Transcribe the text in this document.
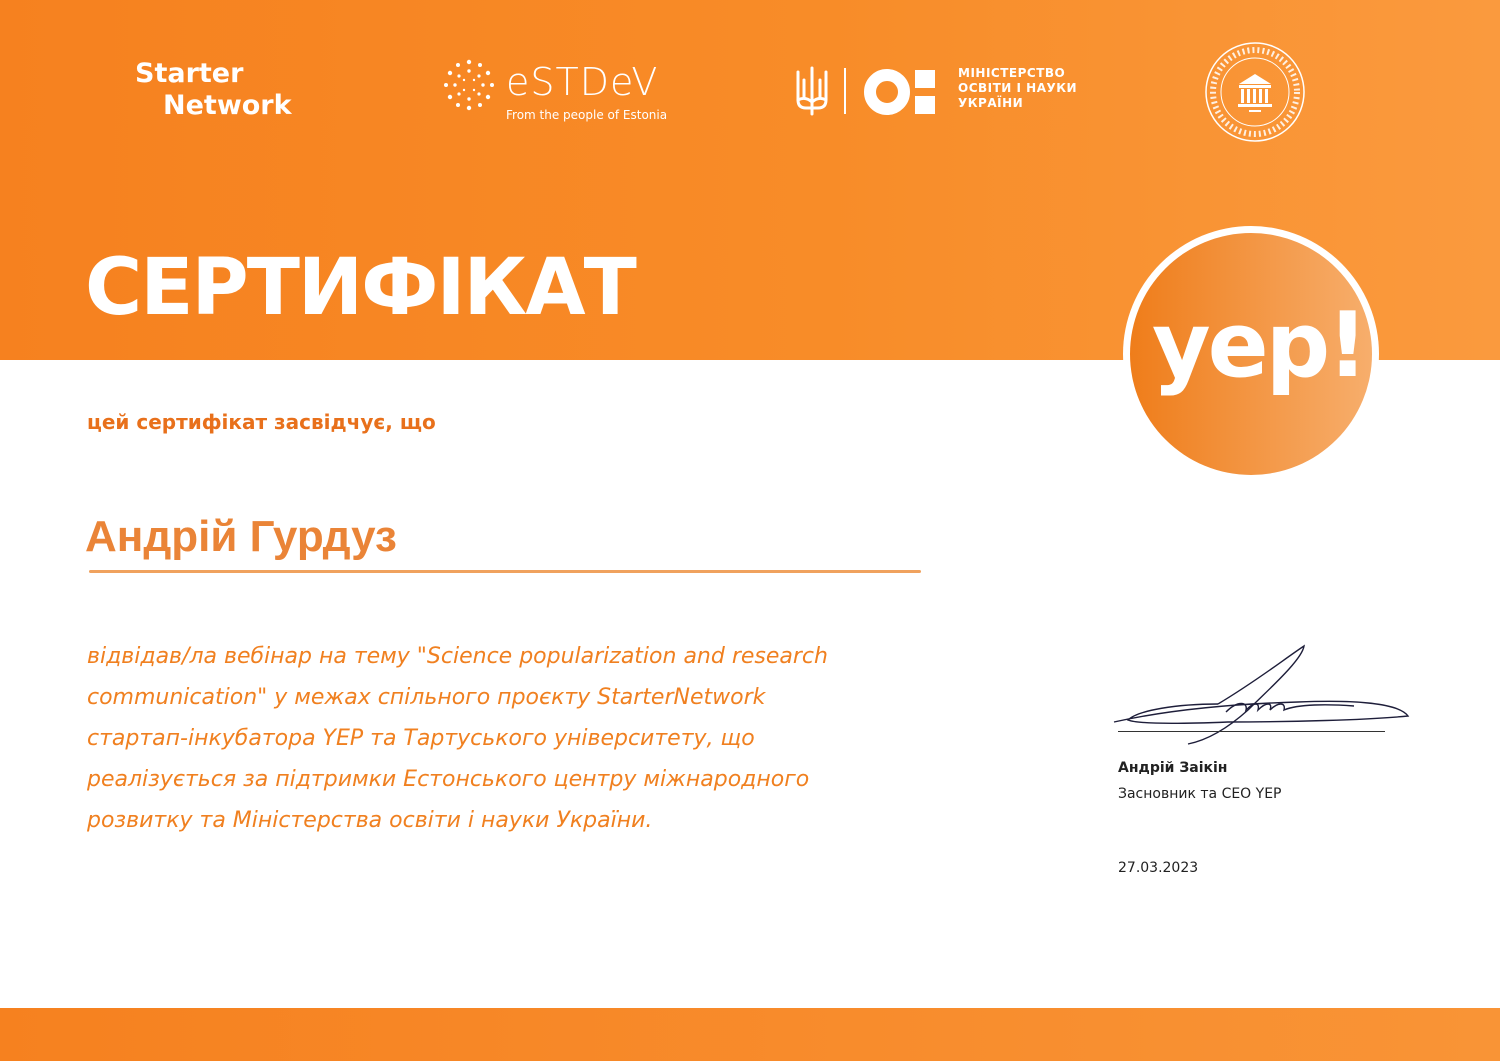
Starter
Network
eSTDeV
From the people of Estonia
МІНІСТЕРСТВО
ОСВІТИ І НАУКИ
УКРАЇНИ
СЕРТИФІКАТ
yep!
цей сертифікат засвідчує, що
Андрій Гурдуз
відвідав/ла вебінар на тему "Science popularization and research
communication" у межах спільного проєкту StarterNetwork
стартап-інкубатора YEP та Тартуського університету, що
реалізується за підтримки Естонського центру міжнародного
розвитку та Міністерства освіти і науки України.
Андрій Заікін
Засновник та CEO YEP
27.03.2023
